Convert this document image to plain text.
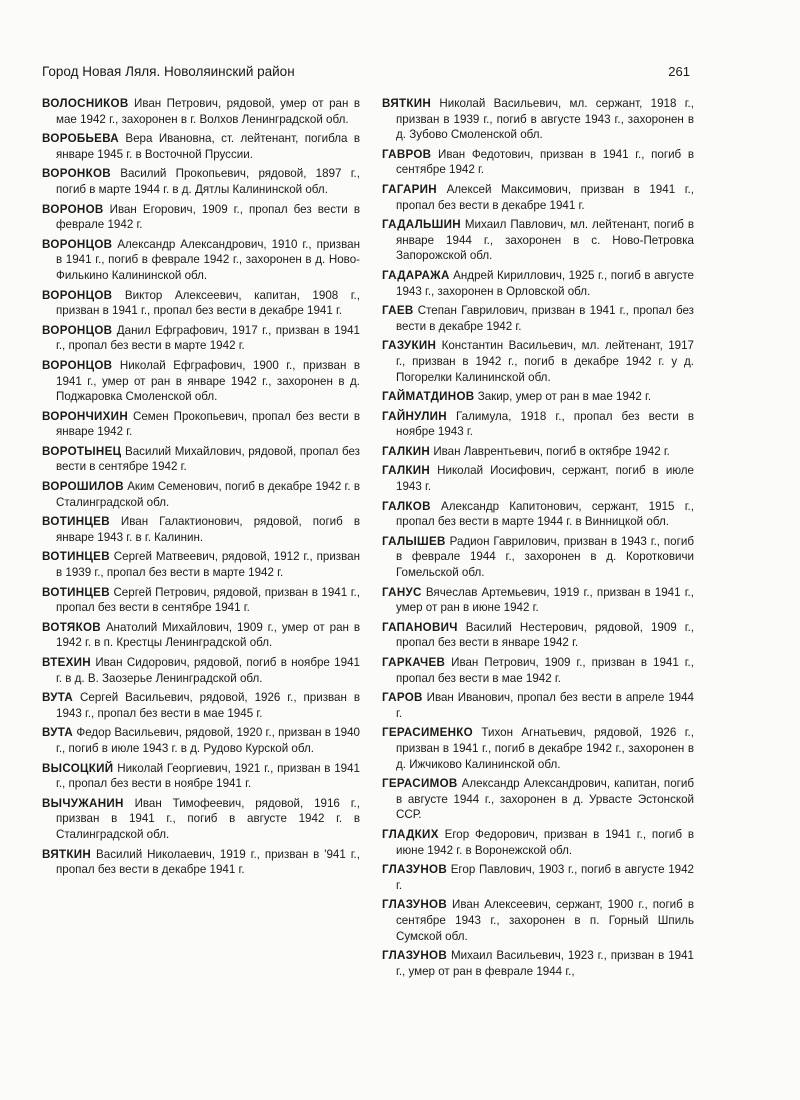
Город Новая Ляля. Новоляинский район	261

ВОЛОСНИКОВ Иван Петрович, рядовой, умер от ран в мае 1942 г., захоронен в г. Волхов Ленинградской обл.

ВОРОБЬЕВА Вера Ивановна, ст. лейтенант, погибла в январе 1945 г. в Восточной Пруссии.

ВОРОНКОВ Василий Прокопьевич, рядовой, 1897 г., погиб в марте 1944 г. в д. Дятлы Калининской обл.

ВОРОНОВ Иван Егорович, 1909 г., пропал без вести в феврале 1942 г.

ВОРОНЦОВ Александр Александрович, 1910 г., призван в 1941 г., погиб в феврале 1942 г., захоронен в д. Ново-Филькино Калининской обл.

ВОРОНЦОВ Виктор Алексеевич, капитан, 1908 г., призван в 1941 г., пропал без вести в декабре 1941 г.

ВОРОНЦОВ Данил Ефграфович, 1917 г., призван в 1941 г., пропал без вести в марте 1942 г.

ВОРОНЦОВ Николай Ефграфович, 1900 г., призван в 1941 г., умер от ран в январе 1942 г., захоронен в д. Поджаровка Смоленской обл.

ВОРОНЧИХИН Семен Прокопьевич, пропал без вести в январе 1942 г.

ВОРОТЫНЕЦ Василий Михайлович, рядовой, пропал без вести в сентябре 1942 г.

ВОРОШИЛОВ Аким Семенович, погиб в декабре 1942 г. в Сталинградской обл.

ВОТИНЦЕВ Иван Галактионович, рядовой, погиб в январе 1943 г. в г. Калинин.

ВОТИНЦЕВ Сергей Матвеевич, рядовой, 1912 г., призван в 1939 г., пропал без вести в марте 1942 г.

ВОТИНЦЕВ Сергей Петрович, рядовой, призван в 1941 г., пропал без вести в сентябре 1941 г.

ВОТЯКОВ Анатолий Михайлович, 1909 г., умер от ран в 1942 г. в п. Крестцы Ленинградской обл.

ВТЕХИН Иван Сидорович, рядовой, погиб в ноябре 1941 г. в д. В. Заозерье Ленинградской обл.

ВУТА Сергей Васильевич, рядовой, 1926 г., призван в 1943 г., пропал без вести в мае 1945 г.

ВУТА Федор Васильевич, рядовой, 1920 г., призван в 1940 г., погиб в июле 1943 г. в д. Рудово Курской обл.

ВЫСОЦКИЙ Николай Георгиевич, 1921 г., призван в 1941 г., пропал без вести в ноябре 1941 г.

ВЫЧУЖАНИН Иван Тимофеевич, рядовой, 1916 г., призван в 1941 г., погиб в августе 1942 г. в Сталинградской обл.

ВЯТКИН Василий Николаевич, 1919 г., призван в '941 г., пропал без вести в декабре 1941 г.

ВЯТКИН Николай Васильевич, мл. сержант, 1918 г., призван в 1939 г., погиб в августе 1943 г., захоронен в д. Зубово Смоленской обл.

ГАВРОВ Иван Федотович, призван в 1941 г., погиб в сентябре 1942 г.

ГАГАРИН Алексей Максимович, призван в 1941 г., пропал без вести в декабре 1941 г.

ГАДАЛЬШИН Михаил Павлович, мл. лейтенант, погиб в январе 1944 г., захоронен в с. Ново-Петровка Запорожской обл.

ГАДАРАЖА Андрей Кириллович, 1925 г., погиб в августе 1943 г., захоронен в Орловской обл.

ГАЕВ Степан Гаврилович, призван в 1941 г., пропал без вести в декабре 1942 г.

ГАЗУКИН Константин Васильевич, мл. лейтенант, 1917 г., призван в 1942 г., погиб в декабре 1942 г. у д. Погорелки Калининской обл.

ГАЙМАТДИНОВ Закир, умер от ран в мае 1942 г.

ГАЙНУЛИН Галимула, 1918 г., пропал без вести в ноябре 1943 г.

ГАЛКИН Иван Лаврентьевич, погиб в октябре 1942 г.

ГАЛКИН Николай Иосифович, сержант, погиб в июле 1943 г.

ГАЛКОВ Александр Капитонович, сержант, 1915 г., пропал без вести в марте 1944 г. в Винницкой обл.

ГАЛЫШЕВ Радион Гаврилович, призван в 1943 г., погиб в феврале 1944 г., захоронен в д. Коротковичи Гомельской обл.

ГАНУС Вячеслав Артемьевич, 1919 г., призван в 1941 г., умер от ран в июне 1942 г.

ГАПАНОВИЧ Василий Нестерович, рядовой, 1909 г., пропал без вести в январе 1942 г.

ГАРКАЧЕВ Иван Петрович, 1909 г., призван в 1941 г., пропал без вести в мае 1942 г.

ГАРОВ Иван Иванович, пропал без вести в апреле 1944 г.

ГЕРАСИМЕНКО Тихон Агнатьевич, рядовой, 1926 г., призван в 1941 г., погиб в декабре 1942 г., захоронен в д. Ижчиково Калининской обл.

ГЕРАСИМОВ Александр Александрович, капитан, погиб в августе 1944 г., захоронен в д. Урвасте Эстонской ССР.

ГЛАДКИХ Егор Федорович, призван в 1941 г., погиб в июне 1942 г. в Воронежской обл.

ГЛАЗУНОВ Егор Павлович, 1903 г., погиб в августе 1942 г.

ГЛАЗУНОВ Иван Алексеевич, сержант, 1900 г., погиб в сентябре 1943 г., захоронен в п. Горный Шпиль Сумской обл.

ГЛАЗУНОВ Михаил Васильевич, 1923 г., призван в 1941 г., умер от ран в феврале 1944 г.,
